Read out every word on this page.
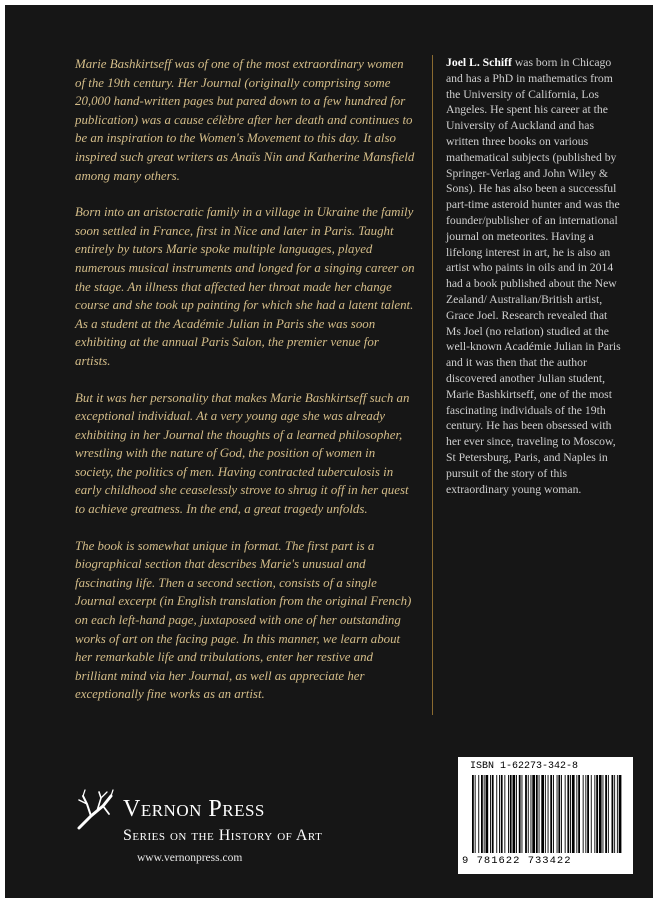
Marie Bashkirtseff was of one of the most extraordinary women of the 19th century. Her Journal (originally comprising some 20,000 hand-written pages but pared down to a few hundred for publication) was a cause célèbre after her death and continues to be an inspiration to the Women's Movement to this day. It also inspired such great writers as Anaïs Nin and Katherine Mansfield among many others.

Born into an aristocratic family in a village in Ukraine the family soon settled in France, first in Nice and later in Paris. Taught entirely by tutors Marie spoke multiple languages, played numerous musical instruments and longed for a singing career on the stage. An illness that affected her throat made her change course and she took up painting for which she had a latent talent. As a student at the Académie Julian in Paris she was soon exhibiting at the annual Paris Salon, the premier venue for artists.

But it was her personality that makes Marie Bashkirtseff such an exceptional individual. At a very young age she was already exhibiting in her Journal the thoughts of a learned philosopher, wrestling with the nature of God, the position of women in society, the politics of men. Having contracted tuberculosis in early childhood she ceaselessly strove to shrug it off in her quest to achieve greatness. In the end, a great tragedy unfolds.

The book is somewhat unique in format. The first part is a biographical section that describes Marie's unusual and fascinating life. Then a second section, consists of a single Journal excerpt (in English translation from the original French) on each left-hand page, juxtaposed with one of her outstanding works of art on the facing page. In this manner, we learn about her remarkable life and tribulations, enter her restive and brilliant mind via her Journal, as well as appreciate her exceptionally fine works as an artist.

Joel L. Schiff was born in Chicago and has a PhD in mathematics from the University of California, Los Angeles. He spent his career at the University of Auckland and has written three books on various mathematical subjects (published by Springer-Verlag and John Wiley & Sons). He has also been a successful part-time asteroid hunter and was the founder/publisher of an international journal on meteorites. Having a lifelong interest in art, he is also an artist who paints in oils and in 2014 had a book published about the New Zealand/ Australian/British artist, Grace Joel. Research revealed that Ms Joel (no relation) studied at the well-known Académie Julian in Paris and it was then that the author discovered another Julian student, Marie Bashkirtseff, one of the most fascinating individuals of the 19th century. He has been obsessed with her ever since, traveling to Moscow, St Petersburg, Paris, and Naples in pursuit of the story of this extraordinary young woman.
Vernon Press
Series on the History of Art
www.vernonpress.com
ISBN 1-62273-342-8
9 781622 733422
